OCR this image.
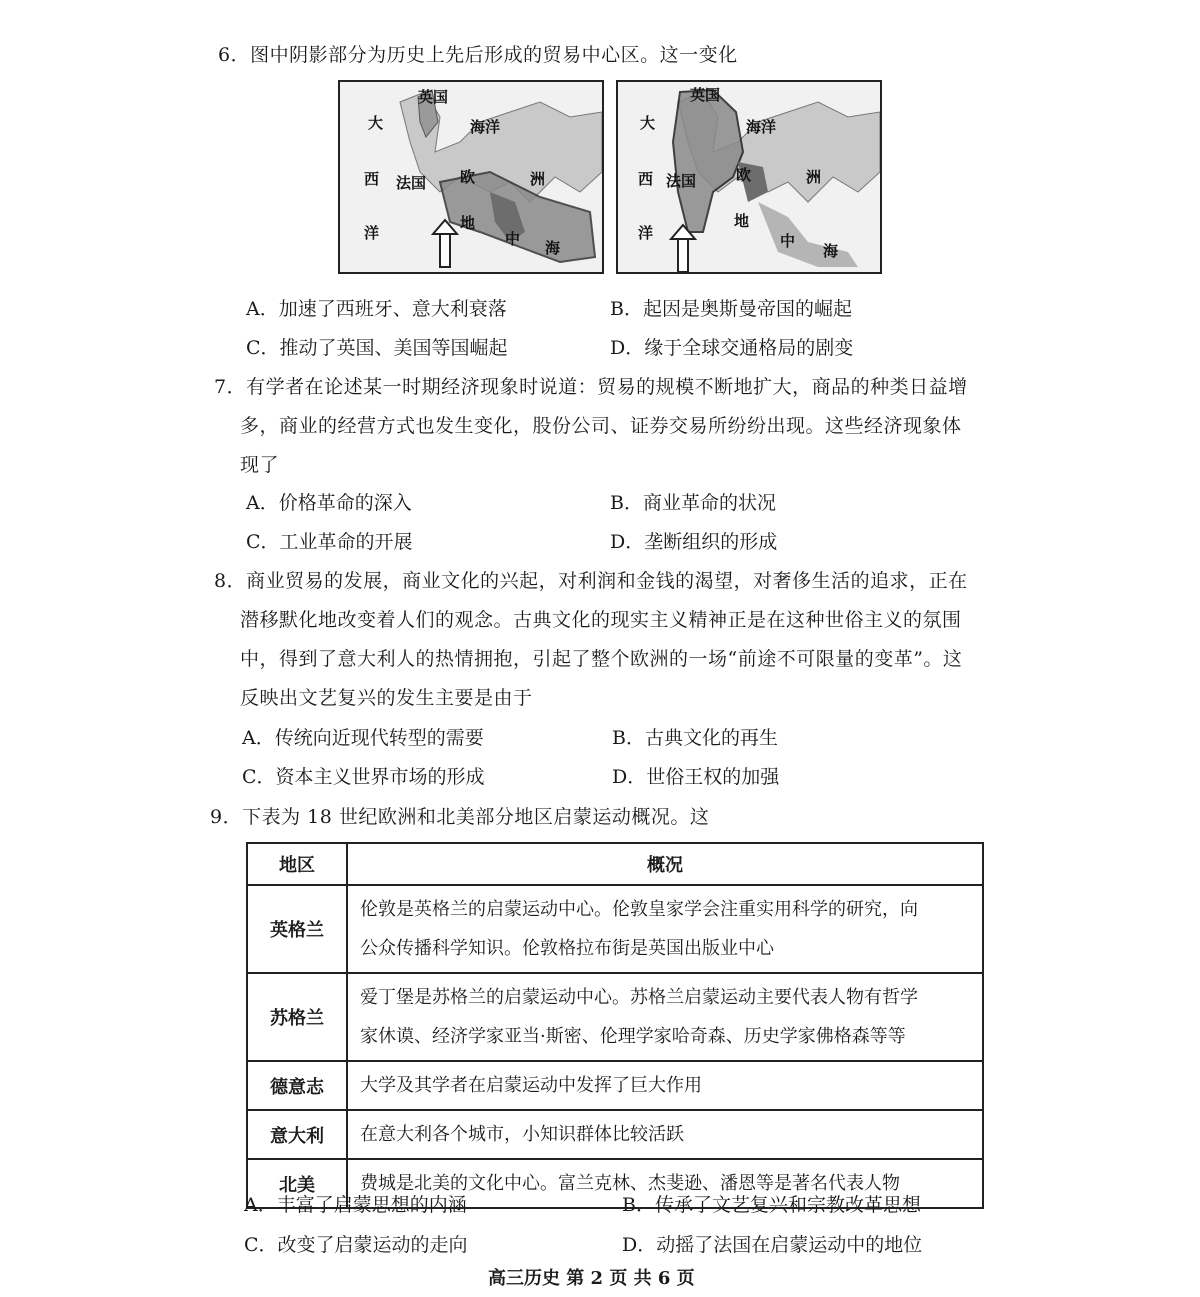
6．图中阴影部分为历史上先后形成的贸易中心区。这一变化
英国
大	海洋
西 法国 欧	洲
地
洋	中 海
英国
大	海洋
西 法国	欧	洲
地
洋	中
海
A．加速了西班牙、意大利衰落	B．起因是奥斯曼帝国的崛起
C．推动了英国、美国等国崛起	D．缘于全球交通格局的剧变
7．有学者在论述某一时期经济现象时说道：贸易的规模不断地扩大，商品的种类日益增
多，商业的经营方式也发生变化，股份公司、证券交易所纷纷出现。这些经济现象体
现了
A．价格革命的深入	B．商业革命的状况
C．工业革命的开展	D．垄断组织的形成
8．商业贸易的发展，商业文化的兴起，对利润和金钱的渴望，对奢侈生活的追求，正在
潜移默化地改变着人们的观念。古典文化的现实主义精神正是在这种世俗主义的氛围
中，得到了意大利人的热情拥抱，引起了整个欧洲的一场“前途不可限量的变革”。这
反映出文艺复兴的发生主要是由于
A．传统向近现代转型的需要	B．古典文化的再生
C．资本主义世界市场的形成	D．世俗王权的加强
9．下表为 18 世纪欧洲和北美部分地区启蒙运动概况。这
地区	概况
英格兰	伦敦是英格兰的启蒙运动中心。伦敦皇家学会注重实用科学的研究，向
公众传播科学知识。伦敦格拉布街是英国出版业中心

苏格兰	爱丁堡是苏格兰的启蒙运动中心。苏格兰启蒙运动主要代表人物有哲学
家休谟、经济学家亚当·斯密、伦理学家哈奇森、历史学家佛格森等等

德意志	大学及其学者在启蒙运动中发挥了巨大作用

意大利	在意大利各个城市，小知识群体比较活跃

北美	费城是北美的文化中心。富兰克林、杰斐逊、潘恩等是著名代表人物
A．丰富了启蒙思想的内涵	B．传承了文艺复兴和宗教改革思想
C．改变了启蒙运动的走向	D．动摇了法国在启蒙运动中的地位
高三历史 第 2 页 共 6 页
